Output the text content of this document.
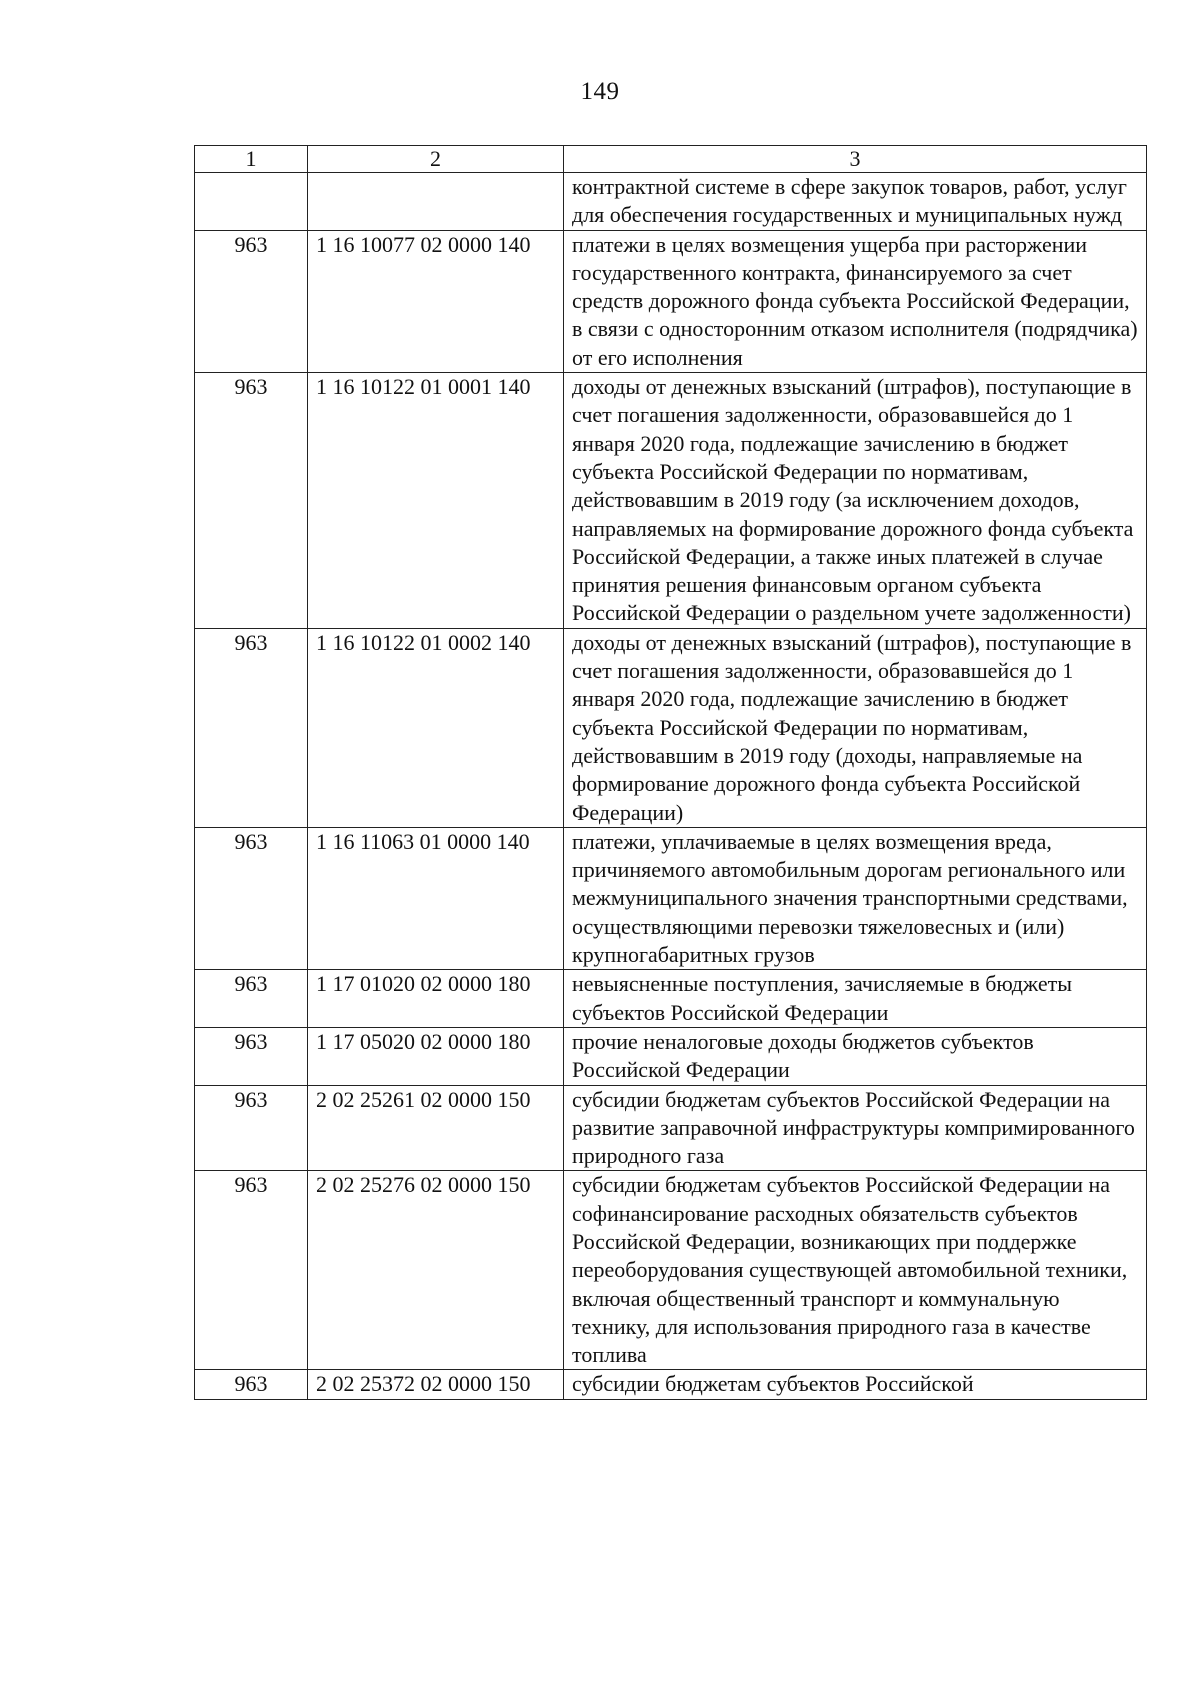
149
1	2	3
		контрактной системе в сфере закупок товаров, работ, услуг для обеспечения государственных и муниципальных нужд
963	1 16 10077 02 0000 140	платежи в целях возмещения ущерба при расторжении государственного контракта, финансируемого за счет средств дорожного фонда субъекта Российской Федерации, в связи с односторонним отказом исполнителя (подрядчика) от его исполнения
963	1 16 10122 01 0001 140	доходы от денежных взысканий (штрафов), поступающие в счет погашения задолженности, образовавшейся до 1 января 2020 года, подлежащие зачислению в бюджет субъекта Российской Федерации по нормативам, действовавшим в 2019 году (за исключением доходов, направляемых на формирование дорожного фонда субъекта Российской Федерации, а также иных платежей в случае принятия решения финансовым органом субъекта Российской Федерации о раздельном учете задолженности)
963	1 16 10122 01 0002 140	доходы от денежных взысканий (штрафов), поступающие в счет погашения задолженности, образовавшейся до 1 января 2020 года, подлежащие зачислению в бюджет субъекта Российской Федерации по нормативам, действовавшим в 2019 году (доходы, направляемые на формирование дорожного фонда субъекта Российской Федерации)
963	1 16 11063 01 0000 140	платежи, уплачиваемые в целях возмещения вреда, причиняемого автомобильным дорогам регионального или межмуниципального значения транспортными средствами, осуществляющими перевозки тяжеловесных и (или) крупногабаритных грузов
963	1 17 01020 02 0000 180	невыясненные поступления, зачисляемые в бюджеты субъектов Российской Федерации
963	1 17 05020 02 0000 180	прочие неналоговые доходы бюджетов субъектов Российской Федерации
963	2 02 25261 02 0000 150	субсидии бюджетам субъектов Российской Федерации на развитие заправочной инфраструктуры компримированного природного газа
963	2 02 25276 02 0000 150	субсидии бюджетам субъектов Российской Федерации на софинансирование расходных обязательств субъектов Российской Федерации, возникающих при поддержке переоборудования существующей автомобильной техники, включая общественный транспорт и коммунальную технику, для использования природного газа в качестве топлива
963	2 02 25372 02 0000 150	субсидии бюджетам субъектов Российской
